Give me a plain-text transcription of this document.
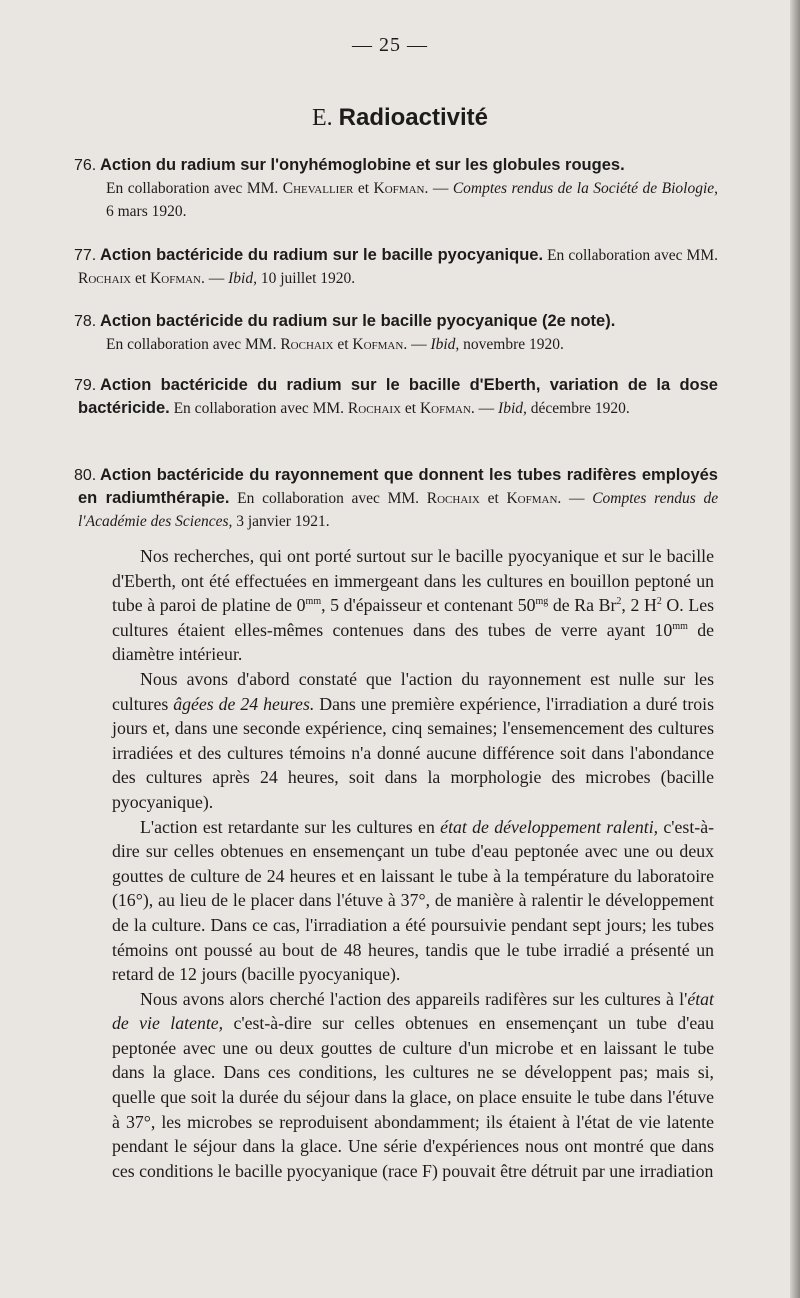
— 25 —
E. Radioactivité
76. Action du radium sur l'onyhémoglobine et sur les globules rouges.
En collaboration avec MM. Chevallier et Kofman. — Comptes rendus de la Société de Biologie, 6 mars 1920.
77. Action bactéricide du radium sur le bacille pyocyanique. En collaboration avec MM. Rochaix et Kofman. — Ibid, 10 juillet 1920.
78. Action bactéricide du radium sur le bacille pyocyanique (2e note).
En collaboration avec MM. Rochaix et Kofman. — Ibid, novembre 1920.
79. Action bactéricide du radium sur le bacille d'Eberth, variation de la dose bactéricide. En collaboration avec MM. Rochaix et Kofman. — Ibid, décembre 1920.
80. Action bactéricide du rayonnement que donnent les tubes radifères employés en radiumthérapie. En collaboration avec MM. Rochaix et Kofman. — Comptes rendus de l'Académie des Sciences, 3 janvier 1921.

Nos recherches, qui ont porté surtout sur le bacille pyocyanique et sur le bacille d'Eberth, ont été effectuées en immergeant dans les cultures en bouillon peptoné un tube à paroi de platine de $0^{mm}$, 5 d'épaisseur et contenant $50^{mg}$ de Ra Br$^2$, 2 $H^2$ O. Les cultures étaient elles-mêmes contenues dans des tubes de verre ayant $10^{mm}$ de diamètre intérieur.

Nous avons d'abord constaté que l'action du rayonnement est nulle sur les cultures âgées de 24 heures. Dans une première expérience, l'irradiation a duré trois jours et, dans une seconde expérience, cinq semaines; l'ensemencement des cultures irradiées et des cultures témoins n'a donné aucune différence soit dans l'abondance des cultures après 24 heures, soit dans la morphologie des microbes (bacille pyocyanique).

L'action est retardante sur les cultures en état de développement ralenti, c'est-à-dire sur celles obtenues en ensemençant un tube d'eau peptonée avec une ou deux gouttes de culture de 24 heures et en laissant le tube à la température du laboratoire (16°), au lieu de le placer dans l'étuve à 37°, de manière à ralentir le développement de la culture. Dans ce cas, l'irradiation a été poursuivie pendant sept jours; les tubes témoins ont poussé au bout de 48 heures, tandis que le tube irradié a présenté un retard de 12 jours (bacille pyocyanique).

Nous avons alors cherché l'action des appareils radifères sur les cultures à l'état de vie latente, c'est-à-dire sur celles obtenues en ensemençant un tube d'eau peptonée avec une ou deux gouttes de culture d'un microbe et en laissant le tube dans la glace. Dans ces conditions, les cultures ne se développent pas; mais si, quelle que soit la durée du séjour dans la glace, on place ensuite le tube dans l'étuve à 37°, les microbes se reproduisent abondamment; ils étaient à l'état de vie latente pendant le séjour dans la glace. Une série d'expériences nous ont montré que dans ces conditions le bacille pyocyanique (race F) pouvait être détruit par une irradiation
